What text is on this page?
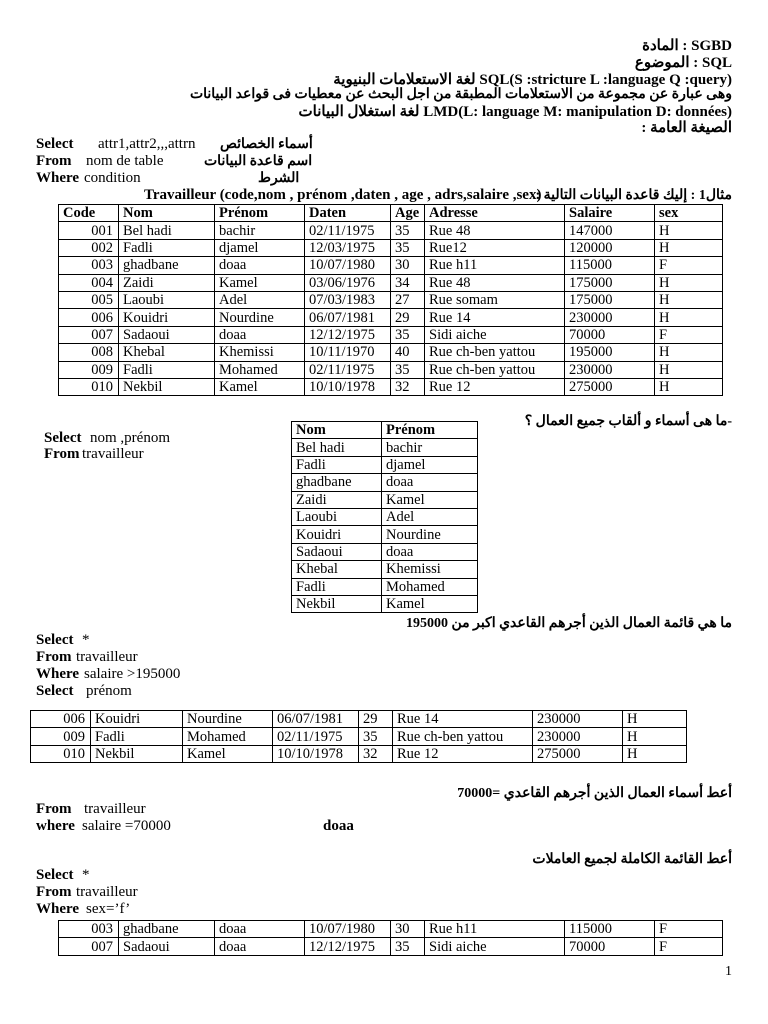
SGBD : المادة
SQL : الموضوع
SQL(S :stricture L :language Q :query) لغة الاستعلامات البنيوية
وهى عبارة عن مجموعة من الاستعلامات المطبقة من اجل البحث عن معطيات فى قواعد البيانات
LMD(L: language M: manipulation D: données) لغة استغلال البيانات
الصيغة العامة :
Select attr1,attr2,,,attrn أسماء الخصائص
From nom de table	اسم قاعدة البيانات
Where condition	الشرط
Travailleur (code,nom , prénom ,daten , age , adrs,salaire ,sex)
مثال1 : إليك قاعدة البيانات التالية :
Code	Nom	Prénom	Daten	Age	Adresse	Salaire	sex
001	Bel hadi	bachir	02/11/1975	35	Rue 48	147000	H
002	Fadli	djamel	12/03/1975	35	Rue12	120000	H
003	ghadbane	doaa	10/07/1980	30	Rue h11	115000	F
004	Zaidi	Kamel	03/06/1976	34	Rue 48	175000	H
005	Laoubi	Adel	07/03/1983	27	Rue somam	175000	H
006	Kouidri	Nourdine	06/07/1981	29	Rue 14	230000	H
007	Sadaoui	doaa	12/12/1975	35	Sidi aiche	70000	F
008	Khebal	Khemissi	10/11/1970	40	Rue ch-ben yattou	195000	H
009	Fadli	Mohamed	02/11/1975	35	Rue ch-ben yattou	230000	H
010	Nekbil	Kamel	10/10/1978	32	Rue 12	275000	H
-ما هى أسماء و ألقاب جميع العمال ؟
Select nom ,prénom
From travailleur
Nom	Prénom
Bel hadi	bachir
Fadli	djamel
ghadbane	doaa
Zaidi	Kamel
Laoubi	Adel
Kouidri	Nourdine
Sadaoui	doaa
Khebal	Khemissi
Fadli	Mohamed
Nekbil	Kamel
ما هي قائمة العمال الذين أجرهم القاعدي اكبر من 195000
Select *
From travailleur
Where salaire >195000
Select prénom
006	Kouidri	Nourdine	06/07/1981	29	Rue 14	230000	H
009	Fadli	Mohamed	02/11/1975	35	Rue ch-ben yattou	230000	H
010	Nekbil	Kamel	10/10/1978	32	Rue 12	275000	H
أعط أسماء العمال الذين أجرهم القاعدي =70000
From travailleur
where salaire =70000	doaa
أعط القائمة الكاملة لجميع العاملات
Select *
From travailleur
Where sex=’f’
003	ghadbane	doaa	10/07/1980	30	Rue h11	115000	F
007	Sadaoui	doaa	12/12/1975	35	Sidi aiche	70000	F
1
